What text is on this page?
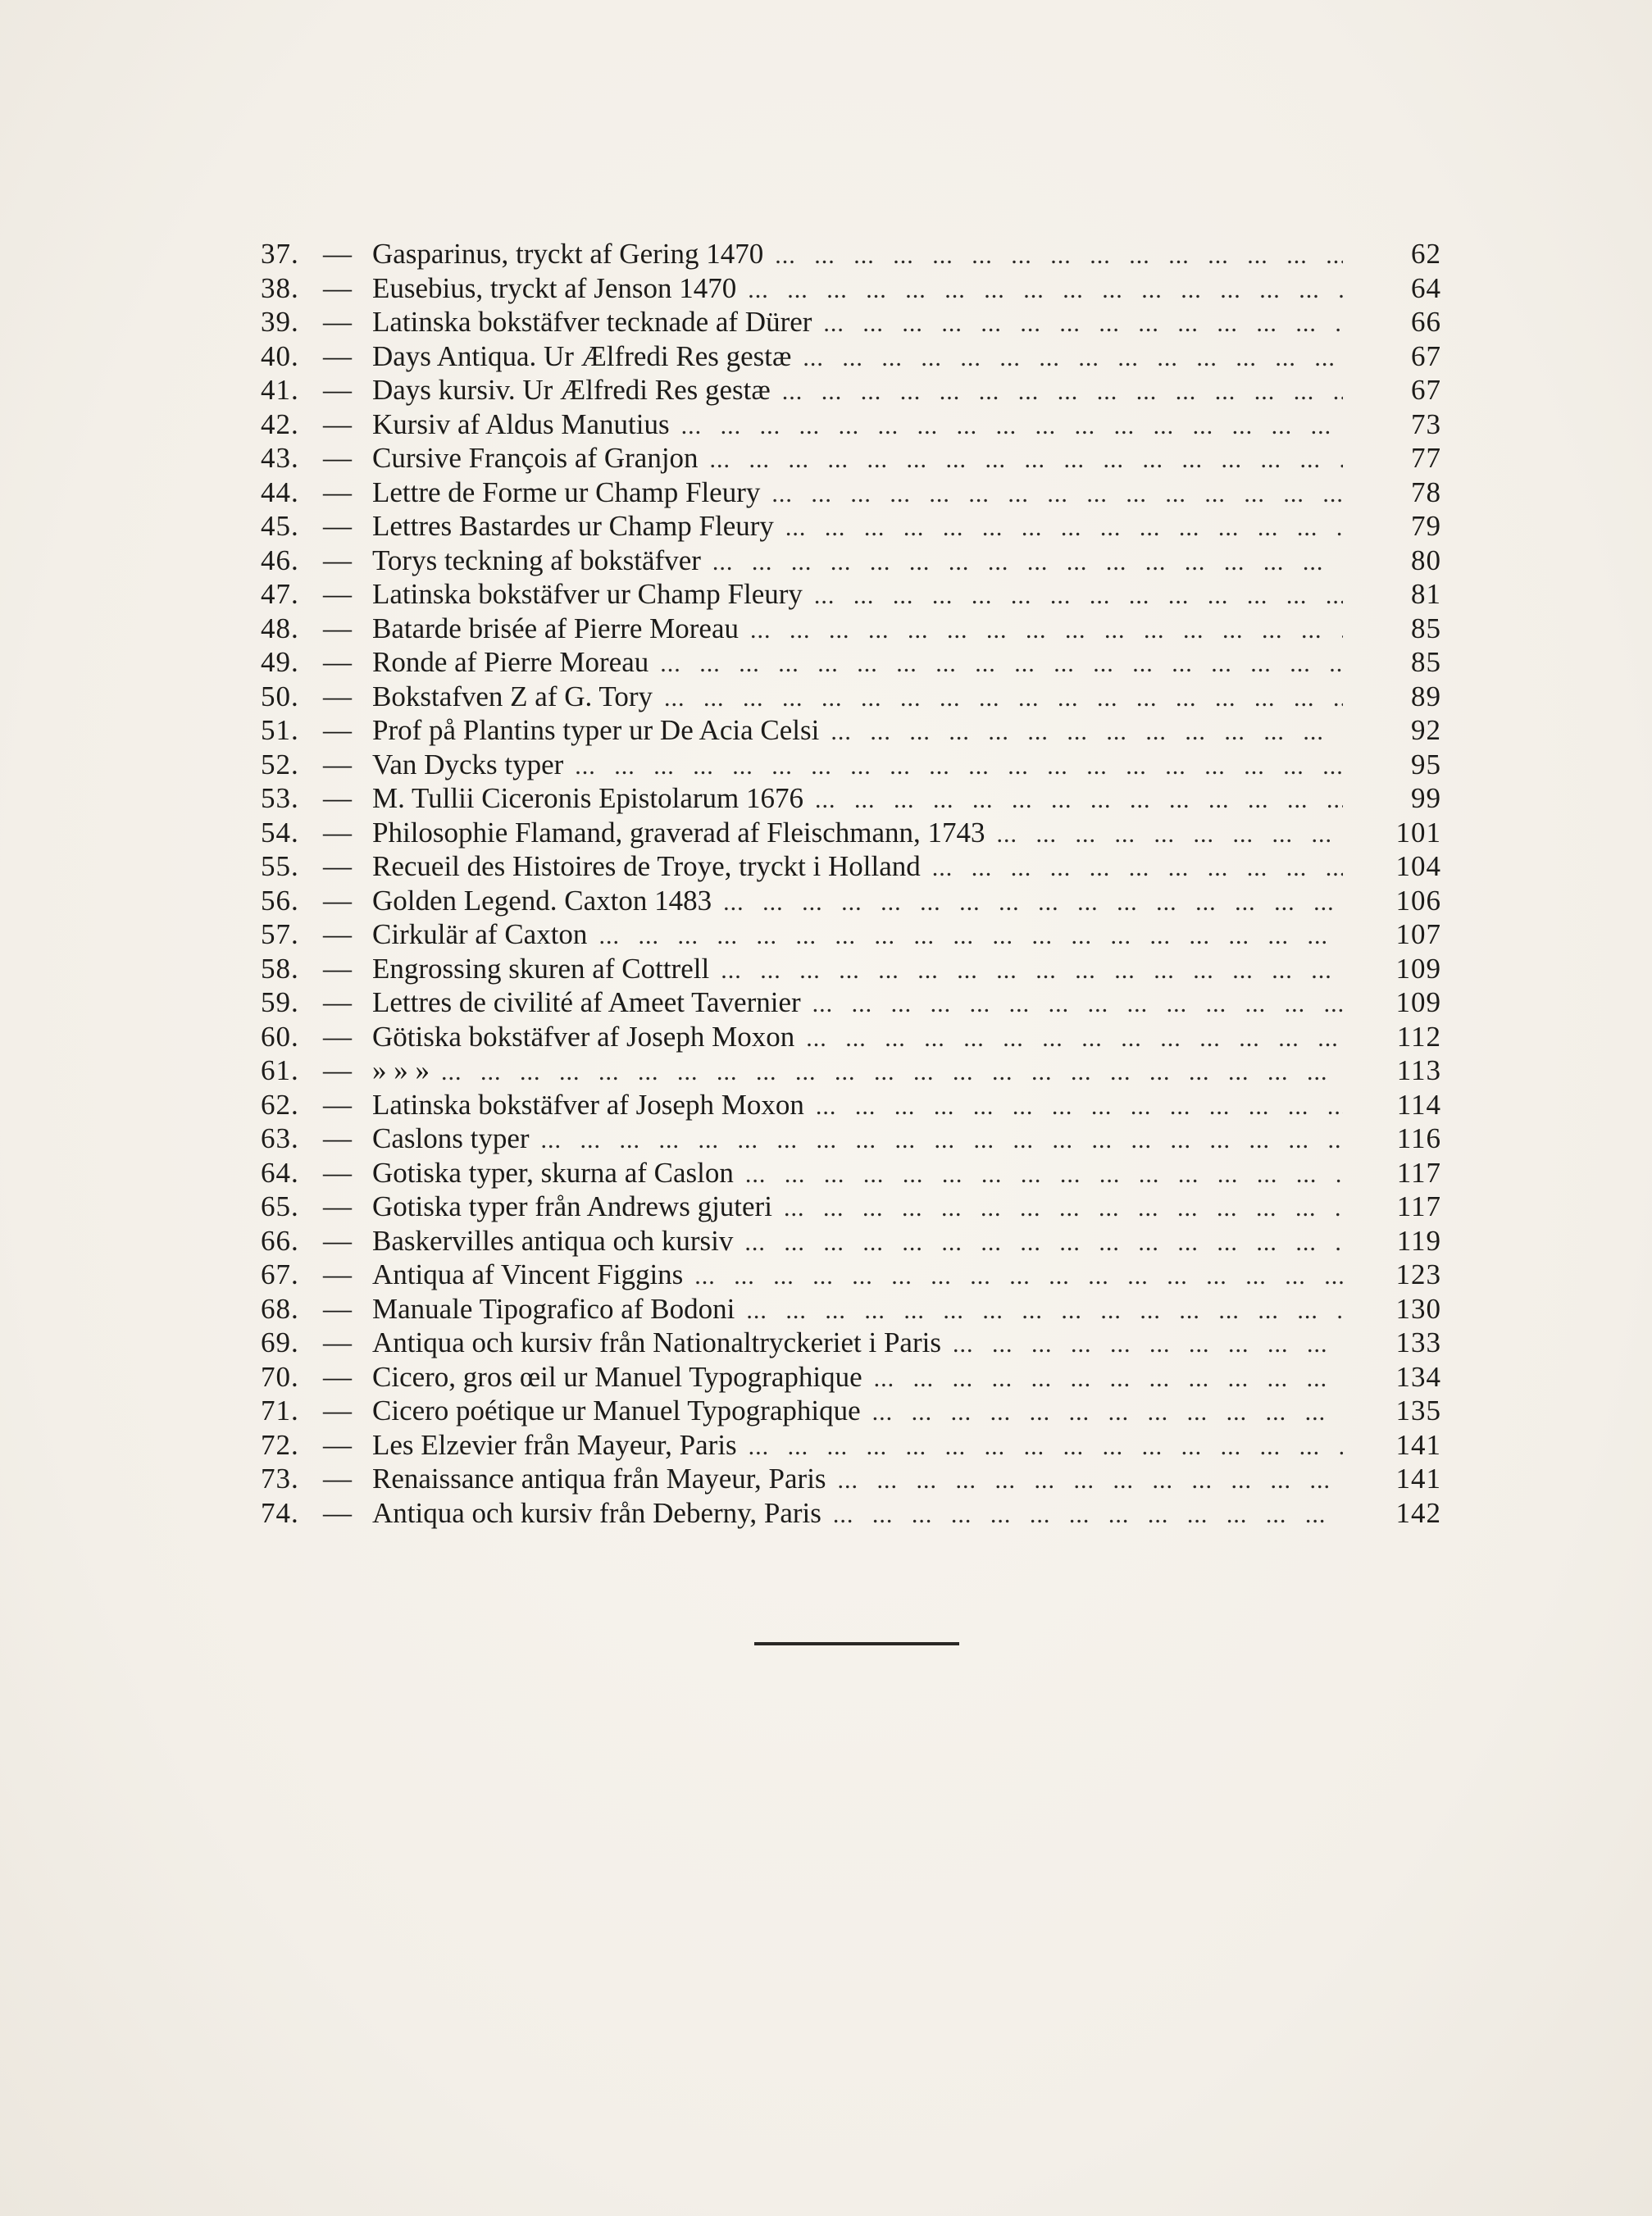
37. — Gasparinus, tryckt af Gering 1470 ... .	62
38. — Eusebius, tryckt af Jenson 1470 ... .	64
39. — Latinska bokstäfver tecknade af Dürer ... .	66
40. — Days Antiqua. Ur Ælfredi Res gestæ ... .	67
41. — Days kursiv. Ur Ælfredi Res gestæ ... .	67
42. — Kursiv af Aldus Manutius ... .	73
43. — Cursive François af Granjon ... .	77
44. — Lettre de Forme ur Champ Fleury ... .	78
45. — Lettres Bastardes ur Champ Fleury ... .	79
46. — Torys teckning af bokstäfver ... .	80
47. — Latinska bokstäfver ur Champ Fleury ... .	81
48. — Batarde brisée af Pierre Moreau ... .	85
49. — Ronde af Pierre Moreau ... .	85
50. — Bokstafven Z af G. Tory ... .	89
51. — Prof på Plantins typer ur De Acia Celsi ... .	92
52. — Van Dycks typer ... .	95
53. — M. Tullii Ciceronis Epistolarum 1676 ... .	99
54. — Philosophie Flamand, graverad af Fleischmann, 1743 ... .	101
55. — Recueil des Histoires de Troye, tryckt i Holland ... .	104
56. — Golden Legend. Caxton 1483 ... .	106
57. — Cirkulär af Caxton ... .	107
58. — Engrossing skuren af Cottrell ... .	109
59. — Lettres de civilité af Ameet Tavernier ... .	109
60. — Götiska bokstäfver af Joseph Moxon ... .	112
61. — » » » ... .	113
62. — Latinska bokstäfver af Joseph Moxon ... .	114
63. — Caslons typer ... .	116
64. — Gotiska typer, skurna af Caslon ... .	117
65. — Gotiska typer från Andrews gjuteri ... .	117
66. — Baskervilles antiqua och kursiv ... .	119
67. — Antiqua af Vincent Figgins ... .	123
68. — Manuale Tipografico af Bodoni ... .	130
69. — Antiqua och kursiv från Nationaltryckeriet i Paris ... .	133
70. — Cicero, gros œil ur Manuel Typographique ... .	134
71. — Cicero poétique ur Manuel Typographique ... .	135
72. — Les Elzevier från Mayeur, Paris ... .	141
73. — Renaissance antiqua från Mayeur, Paris ... .	141
74. — Antiqua och kursiv från Deberny, Paris ... .	142
